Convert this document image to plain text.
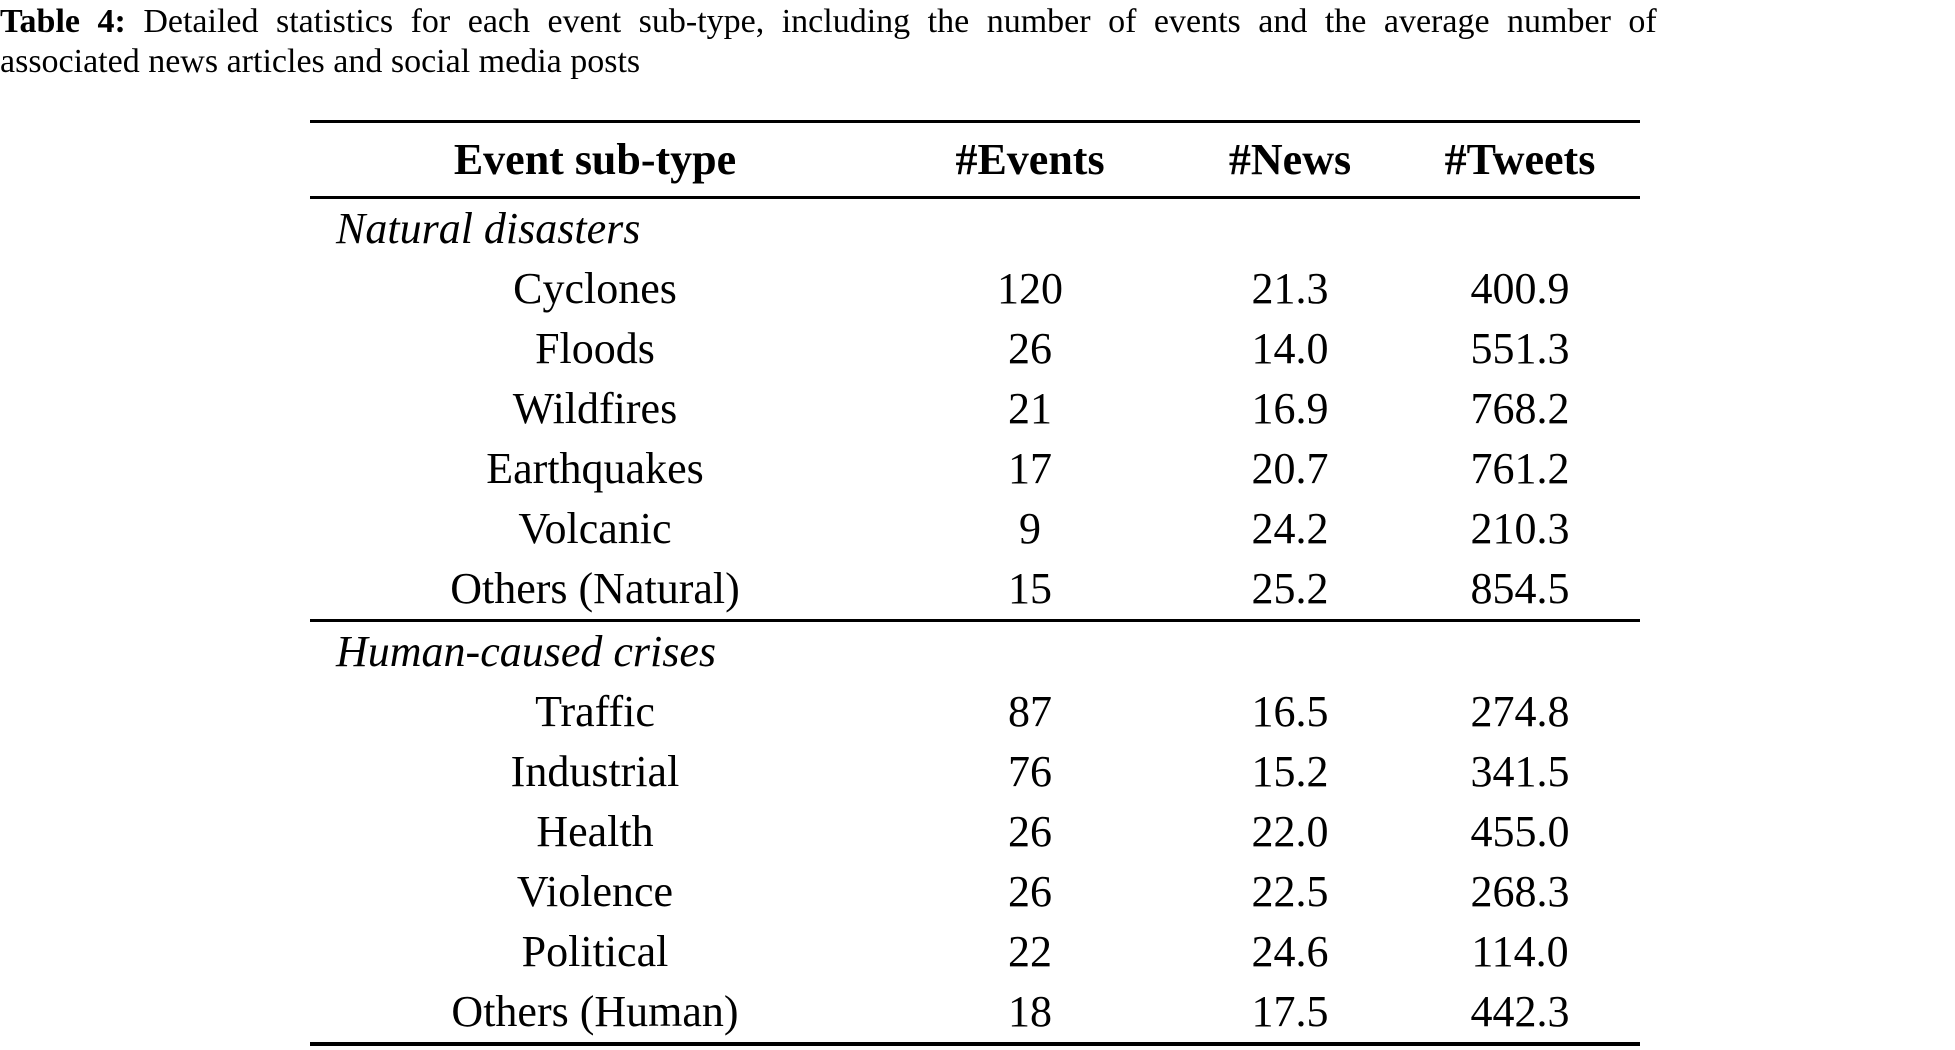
Table 4: Detailed statistics for each event sub-type, including the number of events and the average number of
associated news articles and social media posts
Event sub-type	#Events	#News	#Tweets
Natural disasters
Cyclones	120	21.3	400.9
Floods	26	14.0	551.3
Wildfires	21	16.9	768.2
Earthquakes	17	20.7	761.2
Volcanic	9	24.2	210.3
Others (Natural)	15	25.2	854.5
Human-caused crises
Traffic	87	16.5	274.8
Industrial	76	15.2	341.5
Health	26	22.0	455.0
Violence	26	22.5	268.3
Political	22	24.6	114.0
Others (Human)	18	17.5	442.3
